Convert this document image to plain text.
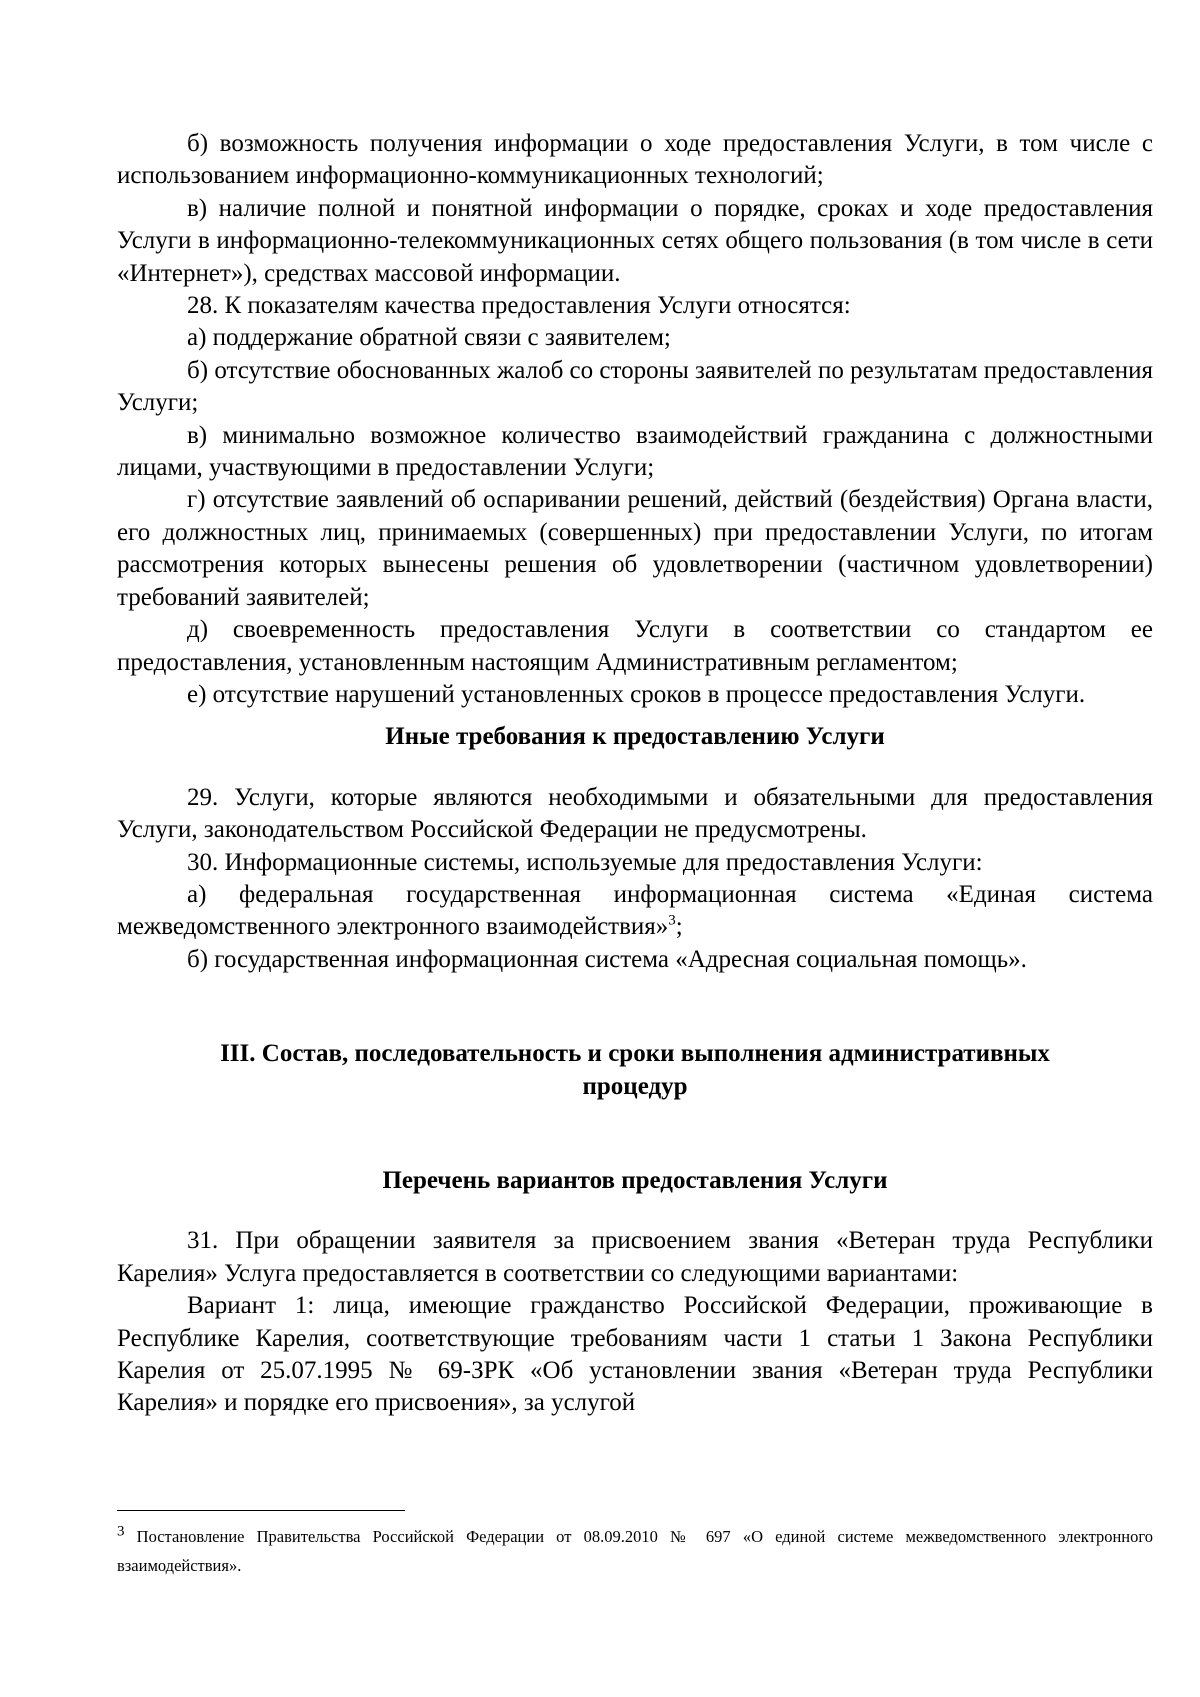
б) возможность получения информации о ходе предоставления Услуги, в том числе с использованием информационно-коммуникационных технологий;

в) наличие полной и понятной информации о порядке, сроках и ходе предоставления Услуги в информационно-телекоммуникационных сетях общего пользования (в том числе в сети «Интернет»), средствах массовой информации.

28. К показателям качества предоставления Услуги относятся:

а) поддержание обратной связи с заявителем;

б) отсутствие обоснованных жалоб со стороны заявителей по результатам предоставления Услуги;

в) минимально возможное количество взаимодействий гражданина с должностными лицами, участвующими в предоставлении Услуги;

г) отсутствие заявлений об оспаривании решений, действий (бездействия) Органа власти, его должностных лиц, принимаемых (совершенных) при предоставлении Услуги, по итогам рассмотрения которых вынесены решения об удовлетворении (частичном удовлетворении) требований заявителей;

д) своевременность предоставления Услуги в соответствии со стандартом ее предоставления, установленным настоящим Административным регламентом;

е) отсутствие нарушений установленных сроков в процессе предоставления Услуги.

Иные требования к предоставлению Услуги

29. Услуги, которые являются необходимыми и обязательными для предоставления Услуги, законодательством Российской Федерации не предусмотрены.

30. Информационные системы, используемые для предоставления Услуги:

а) федеральная государственная информационная система «Единая система межведомственного электронного взаимодействия»$^3$;

б) государственная информационная система «Адресная социальная помощь».

III. Состав, последовательность и сроки выполнения административных

процедур

Перечень вариантов предоставления Услуги

31. При обращении заявителя за присвоением звания «Ветеран труда Республики Карелия» Услуга предоставляется в соответствии со следующими вариантами:

Вариант 1: лица, имеющие гражданство Российской Федерации, проживающие в Республике Карелия, соответствующие требованиям части 1 статьи 1 Закона Республики Карелия от 25.07.1995 № 69-ЗРК «Об установлении звания «Ветеран труда Республики Карелия» и порядке его присвоения», за услугой

$^3$ Постановление Правительства Российской Федерации от 08.09.2010 № 697 «О единой системе межведомственного электронного взаимодействия».
